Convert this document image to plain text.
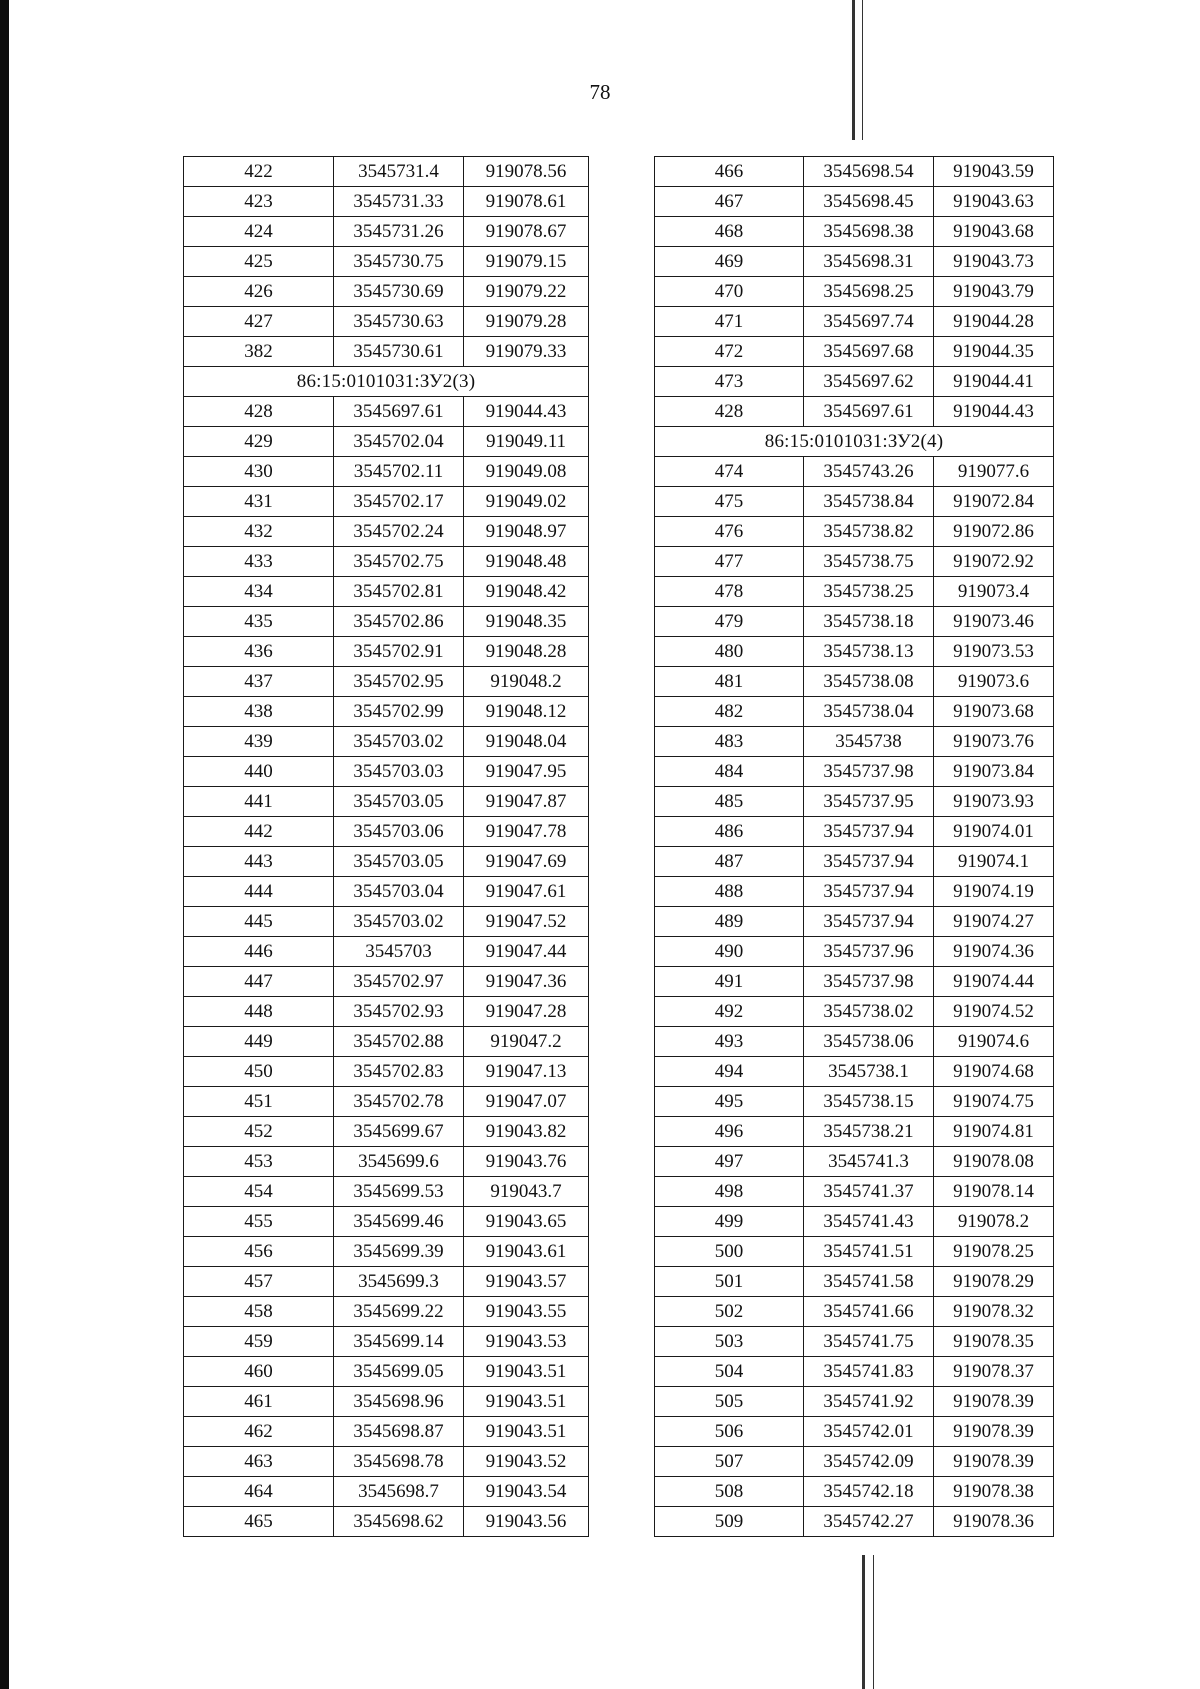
78
422	3545731.4	919078.56
423	3545731.33	919078.61
424	3545731.26	919078.67
425	3545730.75	919079.15
426	3545730.69	919079.22
427	3545730.63	919079.28
382	3545730.61	919079.33
86:15:0101031:ЗУ2(3)		
428	3545697.61	919044.43
429	3545702.04	919049.11
430	3545702.11	919049.08
431	3545702.17	919049.02
432	3545702.24	919048.97
433	3545702.75	919048.48
434	3545702.81	919048.42
435	3545702.86	919048.35
436	3545702.91	919048.28
437	3545702.95	919048.2
438	3545702.99	919048.12
439	3545703.02	919048.04
440	3545703.03	919047.95
441	3545703.05	919047.87
442	3545703.06	919047.78
443	3545703.05	919047.69
444	3545703.04	919047.61
445	3545703.02	919047.52
446	3545703	919047.44
447	3545702.97	919047.36
448	3545702.93	919047.28
449	3545702.88	919047.2
450	3545702.83	919047.13
451	3545702.78	919047.07
452	3545699.67	919043.82
453	3545699.6	919043.76
454	3545699.53	919043.7
455	3545699.46	919043.65
456	3545699.39	919043.61
457	3545699.3	919043.57
458	3545699.22	919043.55
459	3545699.14	919043.53
460	3545699.05	919043.51
461	3545698.96	919043.51
462	3545698.87	919043.51
463	3545698.78	919043.52
464	3545698.7	919043.54
465	3545698.62	919043.56
466	3545698.54	919043.59
467	3545698.45	919043.63
468	3545698.38	919043.68
469	3545698.31	919043.73
470	3545698.25	919043.79
471	3545697.74	919044.28
472	3545697.68	919044.35
473	3545697.62	919044.41
428	3545697.61	919044.43
86:15:0101031:ЗУ2(4)		
474	3545743.26	919077.6
475	3545738.84	919072.84
476	3545738.82	919072.86
477	3545738.75	919072.92
478	3545738.25	919073.4
479	3545738.18	919073.46
480	3545738.13	919073.53
481	3545738.08	919073.6
482	3545738.04	919073.68
483	3545738	919073.76
484	3545737.98	919073.84
485	3545737.95	919073.93
486	3545737.94	919074.01
487	3545737.94	919074.1
488	3545737.94	919074.19
489	3545737.94	919074.27
490	3545737.96	919074.36
491	3545737.98	919074.44
492	3545738.02	919074.52
493	3545738.06	919074.6
494	3545738.1	919074.68
495	3545738.15	919074.75
496	3545738.21	919074.81
497	3545741.3	919078.08
498	3545741.37	919078.14
499	3545741.43	919078.2
500	3545741.51	919078.25
501	3545741.58	919078.29
502	3545741.66	919078.32
503	3545741.75	919078.35
504	3545741.83	919078.37
505	3545741.92	919078.39
506	3545742.01	919078.39
507	3545742.09	919078.39
508	3545742.18	919078.38
509	3545742.27	919078.36
